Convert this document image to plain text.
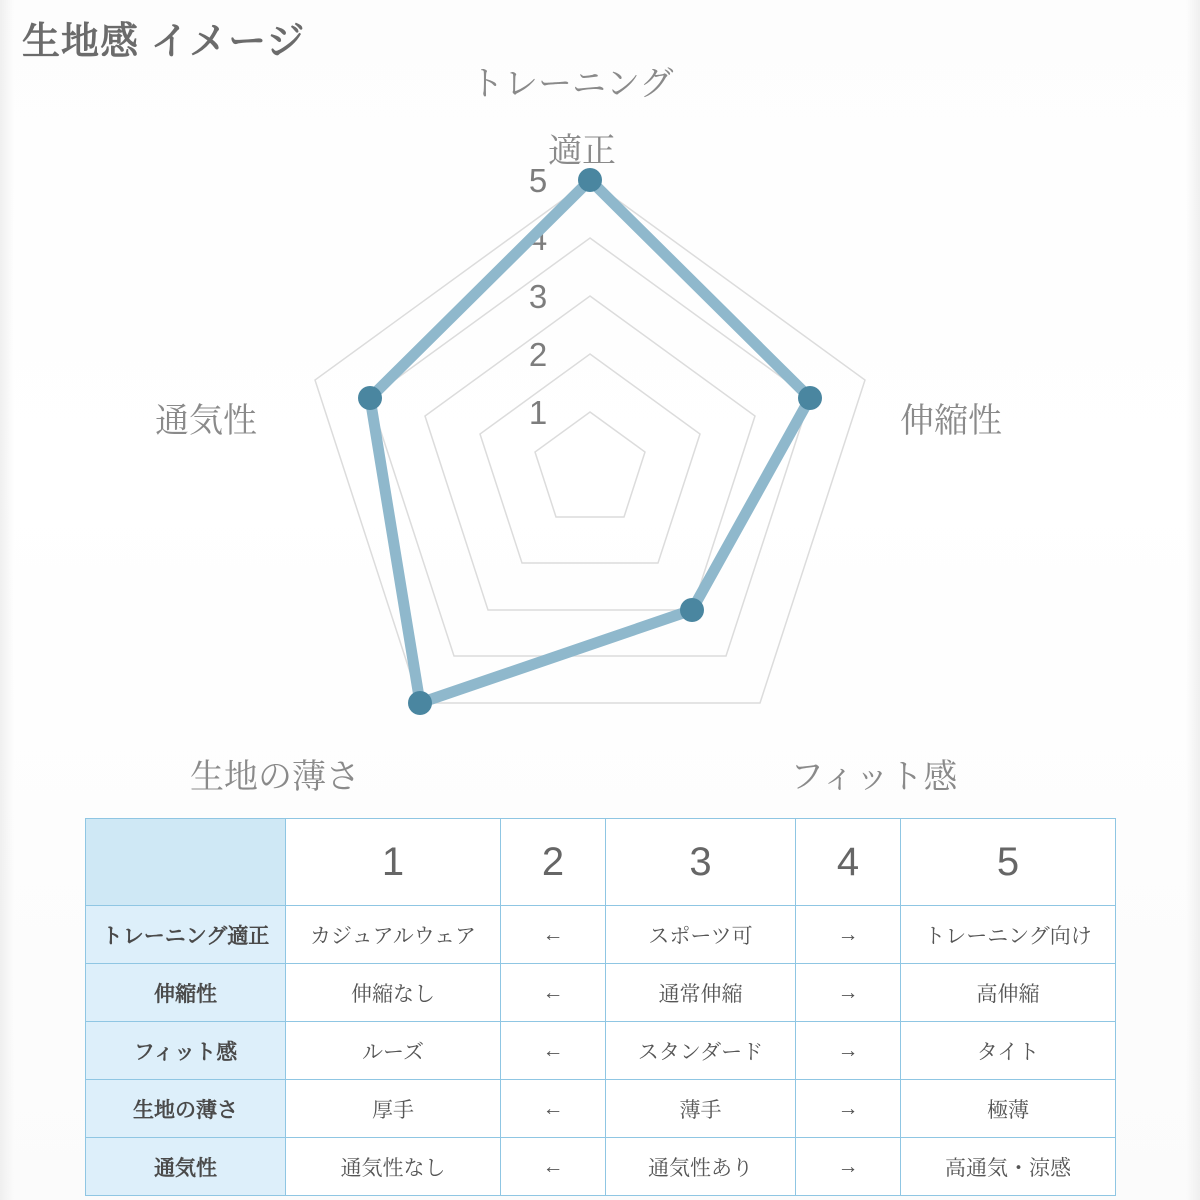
生地感 イメージ
5
4
3
2
1
トレーニング
適正
伸縮性
フィット感
生地の薄さ
通気性
	1	2	3	4	5
トレーニング適正	カジュアルウェア	←	スポーツ可	→	トレーニング向け
伸縮性	伸縮なし	←	通常伸縮	→	高伸縮
フィット感	ルーズ	←	スタンダード	→	タイト
生地の薄さ	厚手	←	薄手	→	極薄
通気性	通気性なし	←	通気性あり	→	高通気・涼感
